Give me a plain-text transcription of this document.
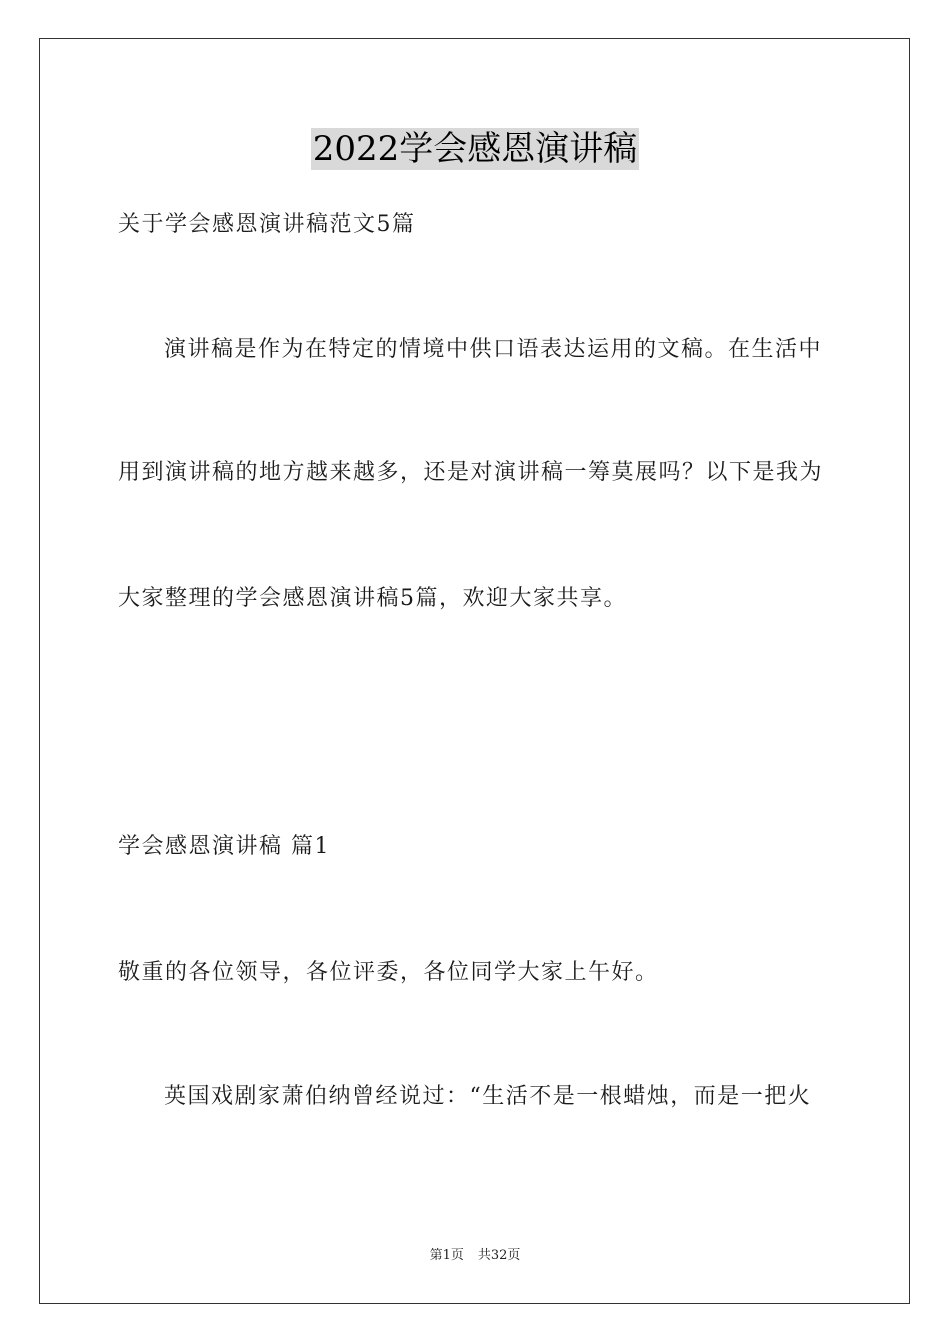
2022学会感恩演讲稿
关于学会感恩演讲稿范文5篇
演讲稿是作为在特定的情境中供口语表达运用的文稿。在生活中
用到演讲稿的地方越来越多，还是对演讲稿一筹莫展吗？以下是我为
大家整理的学会感恩演讲稿5篇，欢迎大家共享。
学会感恩演讲稿 篇1
敬重的各位领导，各位评委，各位同学大家上午好。
英国戏剧家萧伯纳曾经说过：“生活不是一根蜡烛，而是一把火
第1页 共32页
